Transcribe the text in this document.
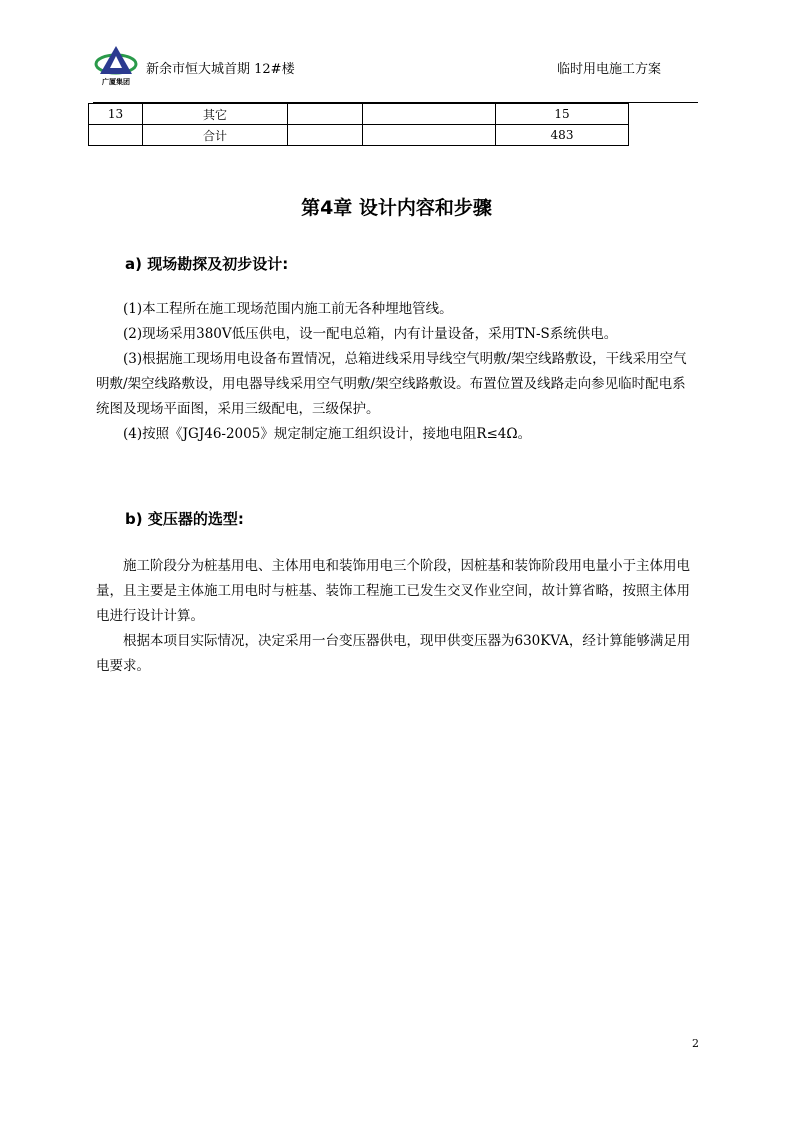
广厦集团
新余市恒大城首期 12#楼	临时用电施工方案
13	其它			15
	合计			483
第4章 设计内容和步骤
a) 现场勘探及初步设计:

(1)本工程所在施工现场范围内施工前无各种埋地管线。

(2)现场采用380V低压供电，设一配电总箱，内有计量设备，采用TN-S系统供电。

(3)根据施工现场用电设备布置情况，总箱进线采用导线空气明敷/架空线路敷设，干线采用空气明敷/架空线路敷设，用电器导线采用空气明敷/架空线路敷设。布置位置及线路走向参见临时配电系统图及现场平面图，采用三级配电，三级保护。

(4)按照《JGJ46-2005》规定制定施工组织设计，接地电阻R≤4Ω。

b) 变压器的选型:

施工阶段分为桩基用电、主体用电和装饰用电三个阶段，因桩基和装饰阶段用电量小于主体用电量，且主要是主体施工用电时与桩基、装饰工程施工已发生交叉作业空间，故计算省略，按照主体用电进行设计计算。

根据本项目实际情况，决定采用一台变压器供电，现甲供变压器为630KVA，经计算能够满足用电要求。

2
